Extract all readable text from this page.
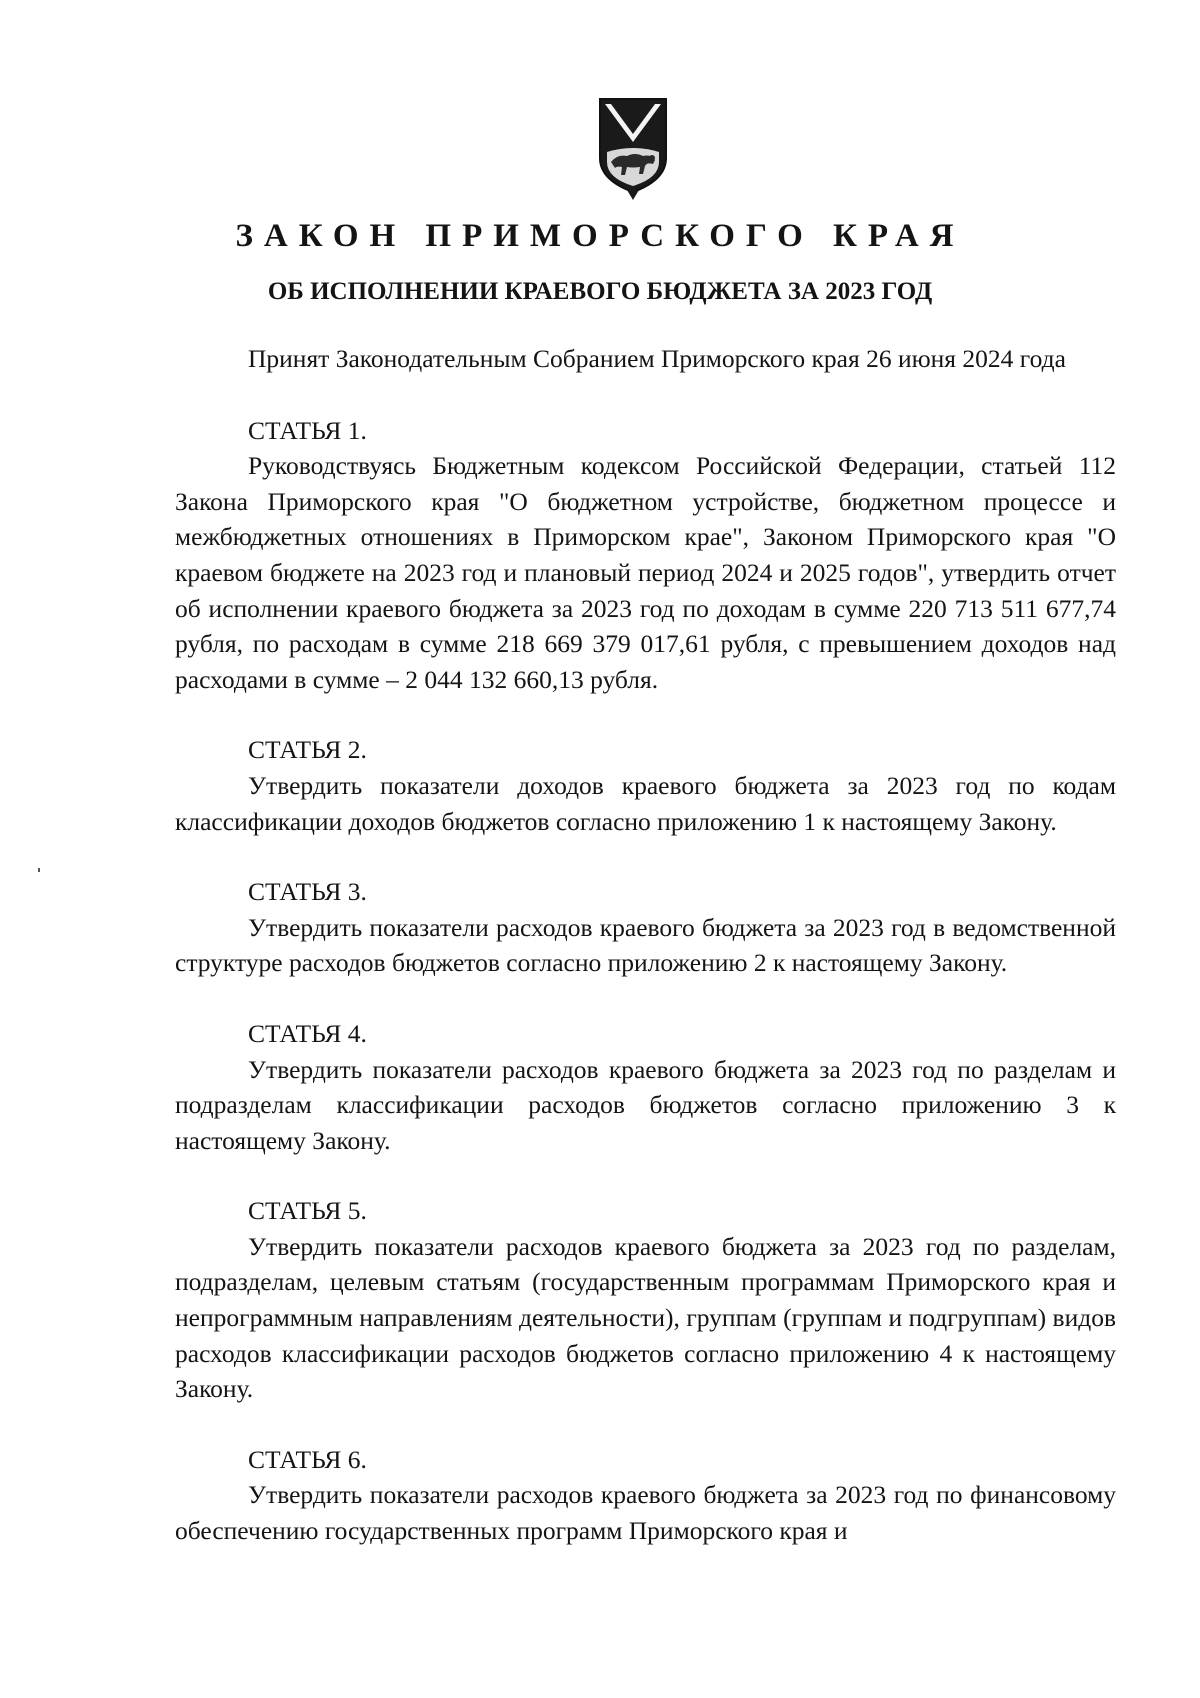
ЗАКОН ПРИМОРСКОГО КРАЯ
ОБ ИСПОЛНЕНИИ КРАЕВОГО БЮДЖЕТА ЗА 2023 ГОД

Принят Законодательным Собранием Приморского края 26 июня 2024 года

СТАТЬЯ 1.

Руководствуясь Бюджетным кодексом Российской Федерации, статьей 112 Закона Приморского края "О бюджетном устройстве, бюджетном процессе и межбюджетных отношениях в Приморском крае", Законом Приморского края "О краевом бюджете на 2023 год и плановый период 2024 и 2025 годов", утвердить отчет об исполнении краевого бюджета за 2023 год по доходам в сумме 220 713 511 677,74 рубля, по расходам в сумме 218 669 379 017,61 рубля, с превышением доходов над расходами в сумме – 2 044 132 660,13 рубля.

СТАТЬЯ 2.

Утвердить показатели доходов краевого бюджета за 2023 год по кодам классификации доходов бюджетов согласно приложению 1 к настоящему Закону.

СТАТЬЯ 3.

Утвердить показатели расходов краевого бюджета за 2023 год в ведомственной структуре расходов бюджетов согласно приложению 2 к настоящему Закону.

СТАТЬЯ 4.

Утвердить показатели расходов краевого бюджета за 2023 год по разделам и подразделам классификации расходов бюджетов согласно приложению 3 к настоящему Закону.

СТАТЬЯ 5.

Утвердить показатели расходов краевого бюджета за 2023 год по разделам, подразделам, целевым статьям (государственным программам Приморского края и непрограммным направлениям деятельности), группам (группам и подгруппам) видов расходов классификации расходов бюджетов согласно приложению 4 к настоящему Закону.

СТАТЬЯ 6.

Утвердить показатели расходов краевого бюджета за 2023 год по финансовому обеспечению государственных программ Приморского края и
